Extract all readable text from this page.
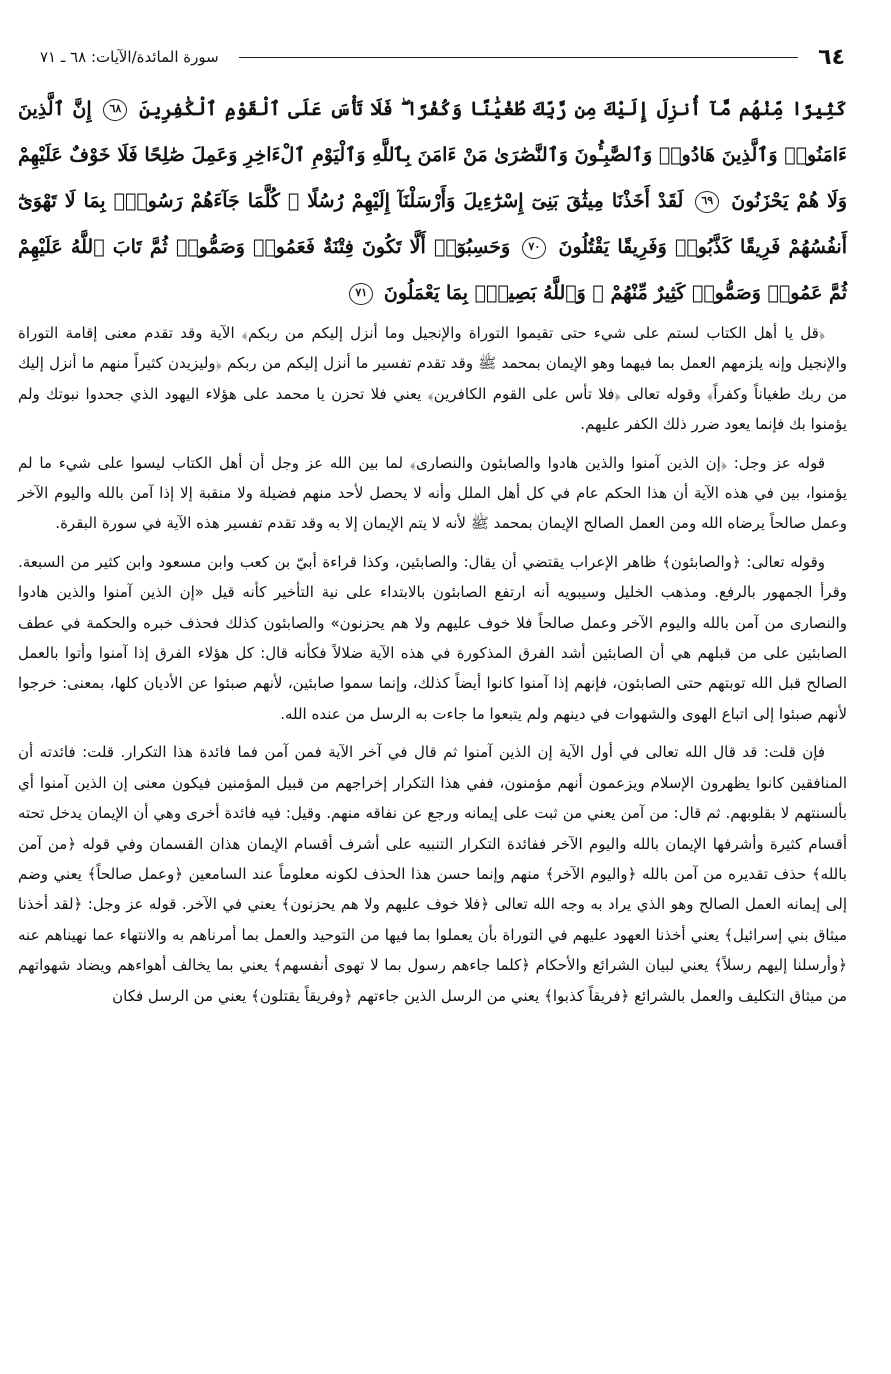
٦٤
سورة المائدة/الآيات: ٦٨ ـ ٧١
كَثِيرًا مِّنْهُم مَّآ أُنزِلَ إِلَيْكَ مِن رَّبِّكَ طُغْيَٰنًا وَكُفْرًا ۖ فَلَا تَأْسَ عَلَى ٱلْقَوْمِ ٱلْكَٰفِرِينَ ٦٨ إِنَّ ٱلَّذِينَ ءَامَنُوا۟ وَٱلَّذِينَ هَادُوا۟ وَٱلصَّٰبِـُٔونَ وَٱلنَّصَٰرَىٰ مَنْ ءَامَنَ بِٱللَّهِ وَٱلْيَوْمِ ٱلْءَاخِرِ وَعَمِلَ صَٰلِحًا فَلَا خَوْفٌ عَلَيْهِمْ وَلَا هُمْ يَحْزَنُونَ ٦٩ لَقَدْ أَخَذْنَا مِيثَٰقَ بَنِىٓ إِسْرَٰٓءِيلَ وَأَرْسَلْنَآ إِلَيْهِمْ رُسُلًا ۖ كُلَّمَا جَآءَهُمْ رَسُولٌۢ بِمَا لَا تَهْوَىٰٓ أَنفُسُهُمْ فَرِيقًا كَذَّبُوا۟ وَفَرِيقًا يَقْتُلُونَ ٧٠ وَحَسِبُوٓا۟ أَلَّا تَكُونَ فِتْنَةٌ فَعَمُوا۟ وَصَمُّوا۟ ثُمَّ تَابَ ٱللَّهُ عَلَيْهِمْ ثُمَّ عَمُوا۟ وَصَمُّوا۟ كَثِيرٌ مِّنْهُمْ ۚ وَٱللَّهُ بَصِيرٌۢ بِمَا يَعْمَلُونَ ٧١

﴿قل يا أهل الكتاب لستم على شيء حتى تقيموا التوراة والإنجيل وما أنزل إليكم من ربكم﴾ الآية وقد تقدم معنى إقامة التوراة والإنجيل وإنه يلزمهم العمل بما فيهما وهو الإيمان بمحمد ﷺ وقد تقدم تفسير ما أنزل إليكم من ربكم ﴿وليزيدن كثيراً منهم ما أنزل إليك من ربك طغياناً وكفراً﴾ وقوله تعالى ﴿فلا تأس على القوم الكافرين﴾ يعني فلا تحزن يا محمد على هؤلاء اليهود الذي جحدوا نبوتك ولم يؤمنوا بك فإنما يعود ضرر ذلك الكفر عليهم.

قوله عز وجل: ﴿إن الذين آمنوا والذين هادوا والصابئون والنصارى﴾ لما بين الله عز وجل أن أهل الكتاب ليسوا على شيء ما لم يؤمنوا، بين في هذه الآية أن هذا الحكم عام في كل أهل الملل وأنه لا يحصل لأحد منهم فضيلة ولا منقبة إلا إذا آمن بالله واليوم الآخر وعمل صالحاً يرضاه الله ومن العمل الصالح الإيمان بمحمد ﷺ لأنه لا يتم الإيمان إلا به وقد تقدم تفسير هذه الآية في سورة البقرة.

وقوله تعالى: ﴿والصابئون﴾ ظاهر الإعراب يقتضي أن يقال: والصابئين، وكذا قراءة أبيّ بن كعب وابن مسعود وابن كثير من السبعة. وقرأ الجمهور بالرفع. ومذهب الخليل وسيبويه أنه ارتفع الصابئون بالابتداء على نية التأخير كأنه قيل «إن الذين آمنوا والذين هادوا والنصارى من آمن بالله واليوم الآخر وعمل صالحاً فلا خوف عليهم ولا هم يحزنون» والصابئون كذلك فحذف خبره والحكمة في عطف الصابئين على من قبلهم هي أن الصابئين أشد الفرق المذكورة في هذه الآية ضلالاً فكأنه قال: كل هؤلاء الفرق إذا آمنوا وأتوا بالعمل الصالح قبل الله توبتهم حتى الصابئون، فإنهم إذا آمنوا كانوا أيضاً كذلك، وإنما سموا صابئين، لأنهم صبئوا عن الأديان كلها، بمعنى: خرجوا لأنهم صبئوا إلى اتباع الهوى والشهوات في دينهم ولم يتبعوا ما جاءت به الرسل من عنده الله.

فإن قلت: قد قال الله تعالى في أول الآية إن الذين آمنوا ثم قال في آخر الآية فمن آمن فما فائدة هذا التكرار. قلت: فائدته أن المنافقين كانوا يظهرون الإسلام ويزعمون أنهم مؤمنون، ففي هذا التكرار إخراجهم من قبيل المؤمنين فيكون معنى إن الذين آمنوا أي بألسنتهم لا بقلوبهم. ثم قال: من آمن يعني من ثبت على إيمانه ورجع عن نفاقه منهم. وقيل: فيه فائدة أخرى وهي أن الإيمان يدخل تحته أقسام كثيرة وأشرفها الإيمان بالله واليوم الآخر ففائدة التكرار التنبيه على أشرف أقسام الإيمان هذان القسمان وفي قوله ﴿من آمن بالله﴾ حذف تقديره من آمن بالله ﴿واليوم الآخر﴾ منهم وإنما حسن هذا الحذف لكونه معلوماً عند السامعين ﴿وعمل صالحاً﴾ يعني وضم إلى إيمانه العمل الصالح وهو الذي يراد به وجه الله تعالى ﴿فلا خوف عليهم ولا هم يحزنون﴾ يعني في الآخر. قوله عز وجل: ﴿لقد أخذنا ميثاق بني إسرائيل﴾ يعني أخذنا العهود عليهم في التوراة بأن يعملوا بما فيها من التوحيد والعمل بما أمرناهم به والانتهاء عما نهيناهم عنه ﴿وأرسلنا إليهم رسلاً﴾ يعني لبيان الشرائع والأحكام ﴿كلما جاءهم رسول بما لا تهوى أنفسهم﴾ يعني بما يخالف أهواءهم ويضاد شهواتهم من ميثاق التكليف والعمل بالشرائع ﴿فريقاً كذبوا﴾ يعني من الرسل الذين جاءتهم ﴿وفريقاً يقتلون﴾ يعني من الرسل فكان
